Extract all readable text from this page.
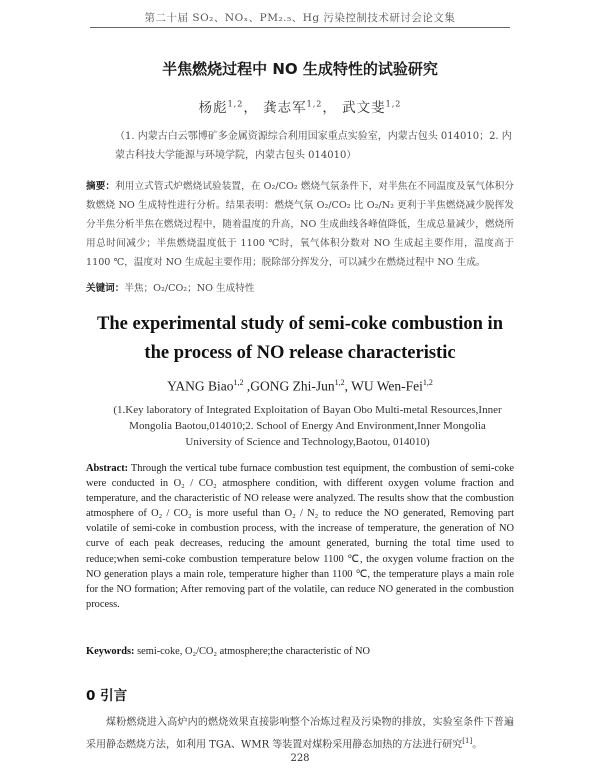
第二十届 SO₂、NOₓ、PM₂.₅、Hg 污染控制技术研讨会论文集
半焦燃烧过程中 NO 生成特性的试验研究
杨彪$^{1,2}$， 龚志军$^{1,2}$， 武文斐$^{1,2}$
（1. 内蒙古白云鄂博矿多金属资源综合利用国家重点实验室，内蒙古包头 014010；2. 内蒙古科技大学能源与环境学院，内蒙古包头 014010）
摘要：利用立式管式炉燃烧试验装置，在 O₂/CO₂ 燃烧气氛条件下，对半焦在不同温度及氧气体积分数燃烧 NO 生成特性进行分析。结果表明：燃烧气氛 O₂/CO₂ 比 O₂/N₂ 更利于半焦燃烧减少脱挥发分半焦分析半焦在燃烧过程中，随着温度的升高，NO 生成曲线各峰值降低，生成总量减少，燃烧所用总时间减少；半焦燃烧温度低于 1100 ℃时，氧气体积分数对 NO 生成起主要作用，温度高于 1100 ℃，温度对 NO 生成起主要作用；脱除部分挥发分，可以减少在燃烧过程中 NO 生成。
关键词：半焦；O₂/CO₂；NO 生成特性
The experimental study of semi-coke combustion in
the process of NO release characteristic
YANG Biao$^{1,2}$ ,GONG Zhi-Jun$^{1,2}$, WU Wen-Fei$^{1,2}$
(1.Key laboratory of Integrated Exploitation of Bayan Obo Multi-metal Resources,Inner Mongolia Baotou,014010;2. School of Energy And Environment,Inner Mongolia University of Science and Technology,Baotou, 014010)
Abstract: Through the vertical tube furnace combustion test equipment, the combustion of semi-coke were conducted in O₂ / CO₂ atmosphere condition, with different oxygen volume fraction and temperature, and the characteristic of NO release were analyzed. The results show that the combustion atmosphere of O₂ / CO₂ is more useful than O₂ / N₂ to reduce the NO generated, Removing part volatile of semi-coke in combustion process, with the increase of temperature, the generation of NO curve of each peak decreases, reducing the amount generated, burning the total time used to reduce;when semi-coke combustion temperature below 1100 ℃, the oxygen volume fraction on the NO generation plays a main role, temperature higher than 1100 ℃, the temperature plays a main role for the NO formation; After removing part of the volatile, can reduce NO generated in the combustion process.
Keywords: semi-coke, O₂/CO₂ atmosphere;the characteristic of NO
0 引言
煤粉燃烧进入高炉内的燃烧效果直接影响整个冶炼过程及污染物的排放，实验室条件下普遍采用静态燃烧方法，如利用 TGA、WMR 等装置对煤粉采用静态加热的方法进行研究[1]。
228
